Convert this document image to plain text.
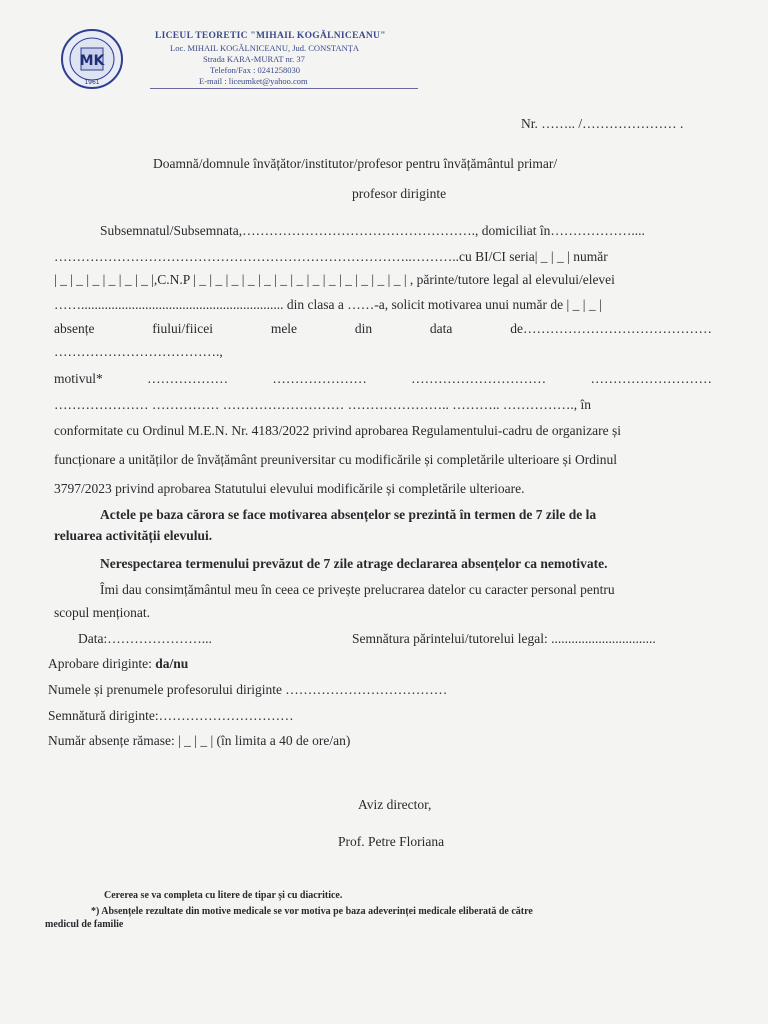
MK
1961
LICEUL TEORETIC "MIHAIL KOGĂLNICEANU"
Loc. MIHAIL KOGĂLNICEANU, Jud. CONSTANȚA
Strada KARA-MURAT nr. 37
Telefon/Fax : 0241258030
E-mail : liceumket@yahoo.com
Nr. …….. /………………… .
Doamnă/domnule învățător/institutor/profesor pentru învățământul primar/
profesor diriginte
Subsemnatul/Subsemnata,……………………………………………., domiciliat în………………....
……………………………………………………………………..………..cu BI/CI seria| _ | _ | număr
| _ | _ | _ | _ | _ | _ |,C.N.P | _ | _ | _ | _ | _ | _ | _ | _ | _ | _ | _ | _ | _ | , părinte/tutore legal al elevului/elevei
……............................................................ din clasa a ……-a, solicit motivarea unui număr de | _ | _ |
absențe	fiului/fiicei	mele	din	data	de……………………………………
……………………………….,
motivul*	………………	…………………	…………………………	………………………
………………… …………… ……………………… ………………….. ……….. ……………., în
conformitate cu Ordinul M.E.N. Nr. 4183/2022 privind aprobarea Regulamentului-cadru de organizare și
funcționare a unităților de învățământ preuniversitar cu modificările și completările ulterioare și Ordinul
3797/2023 privind aprobarea Statutului elevului modificările și completările ulterioare.
Actele pe baza cărora se face motivarea absențelor se prezintă în termen de 7 zile de la
reluarea activității elevului.
Nerespectarea termenului prevăzut de 7 zile atrage declararea absențelor ca nemotivate.
Îmi dau consimțământul meu în ceea ce privește prelucrarea datelor cu caracter personal pentru
scopul menționat.
Data:…………………...	Semnătura părintelui/tutorelui legal: ...............................
Aprobare diriginte: da/nu
Numele și prenumele profesorului diriginte ………………………………
Semnătură diriginte:…………………………
Număr absențe rămase: | _ | _ | (în limita a 40 de ore/an)
Aviz director,
Prof. Petre Floriana
Cererea se va completa cu litere de tipar și cu diacritice.
*) Absențele rezultate din motive medicale se vor motiva pe baza adeverinței medicale eliberată de către
medicul de familie
